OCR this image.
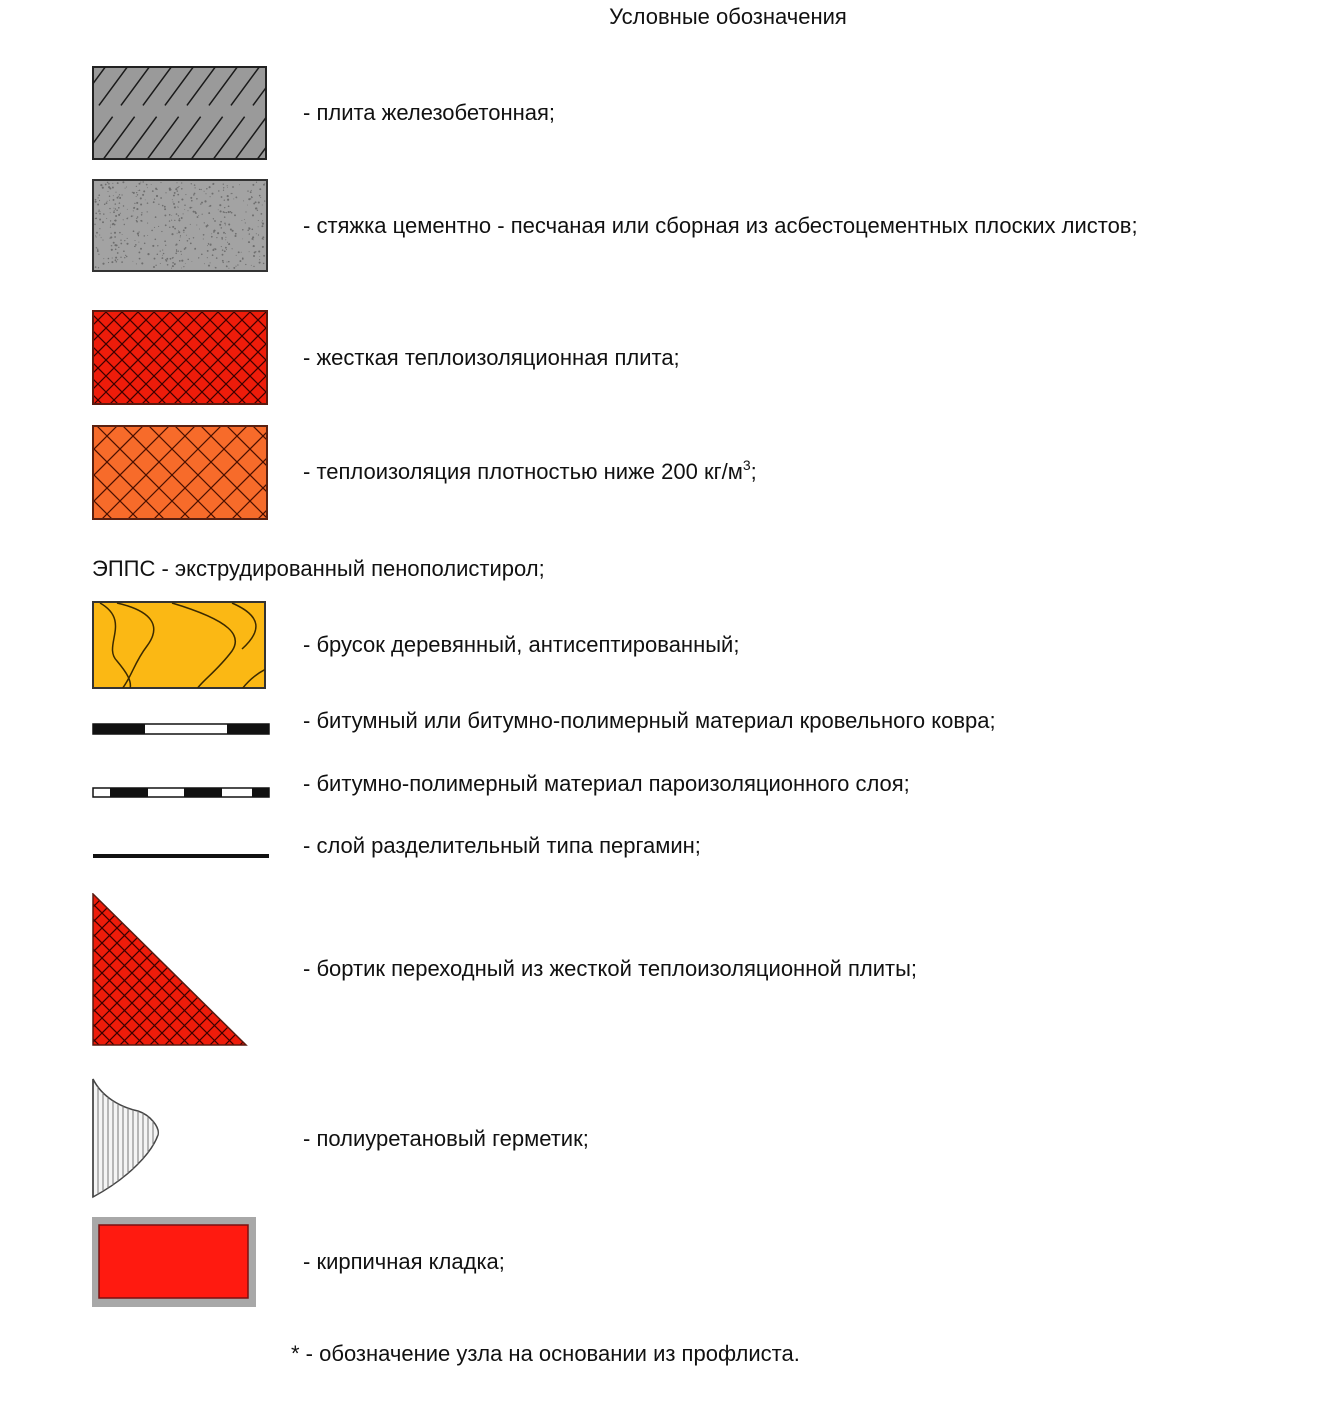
Условные обозначения
- плита железобетонная;
- стяжка цементно - песчаная или сборная из асбестоцементных плоских листов;
- жесткая теплоизоляционная плита;
- теплоизоляция плотностью ниже 200 $кг/м^3$;
ЭППС - экструдированный пенополистирол;
- брусок деревянный, антисептированный;
- битумный или битумно-полимерный материал кровельного ковра;
- битумно-полимерный материал пароизоляционного слоя;
- слой разделительный типа пергамин;
- бортик переходный из жесткой теплоизоляционной плиты;
- полиуретановый герметик;
- кирпичная кладка;
* - обозначение узла на основании из профлиста.
